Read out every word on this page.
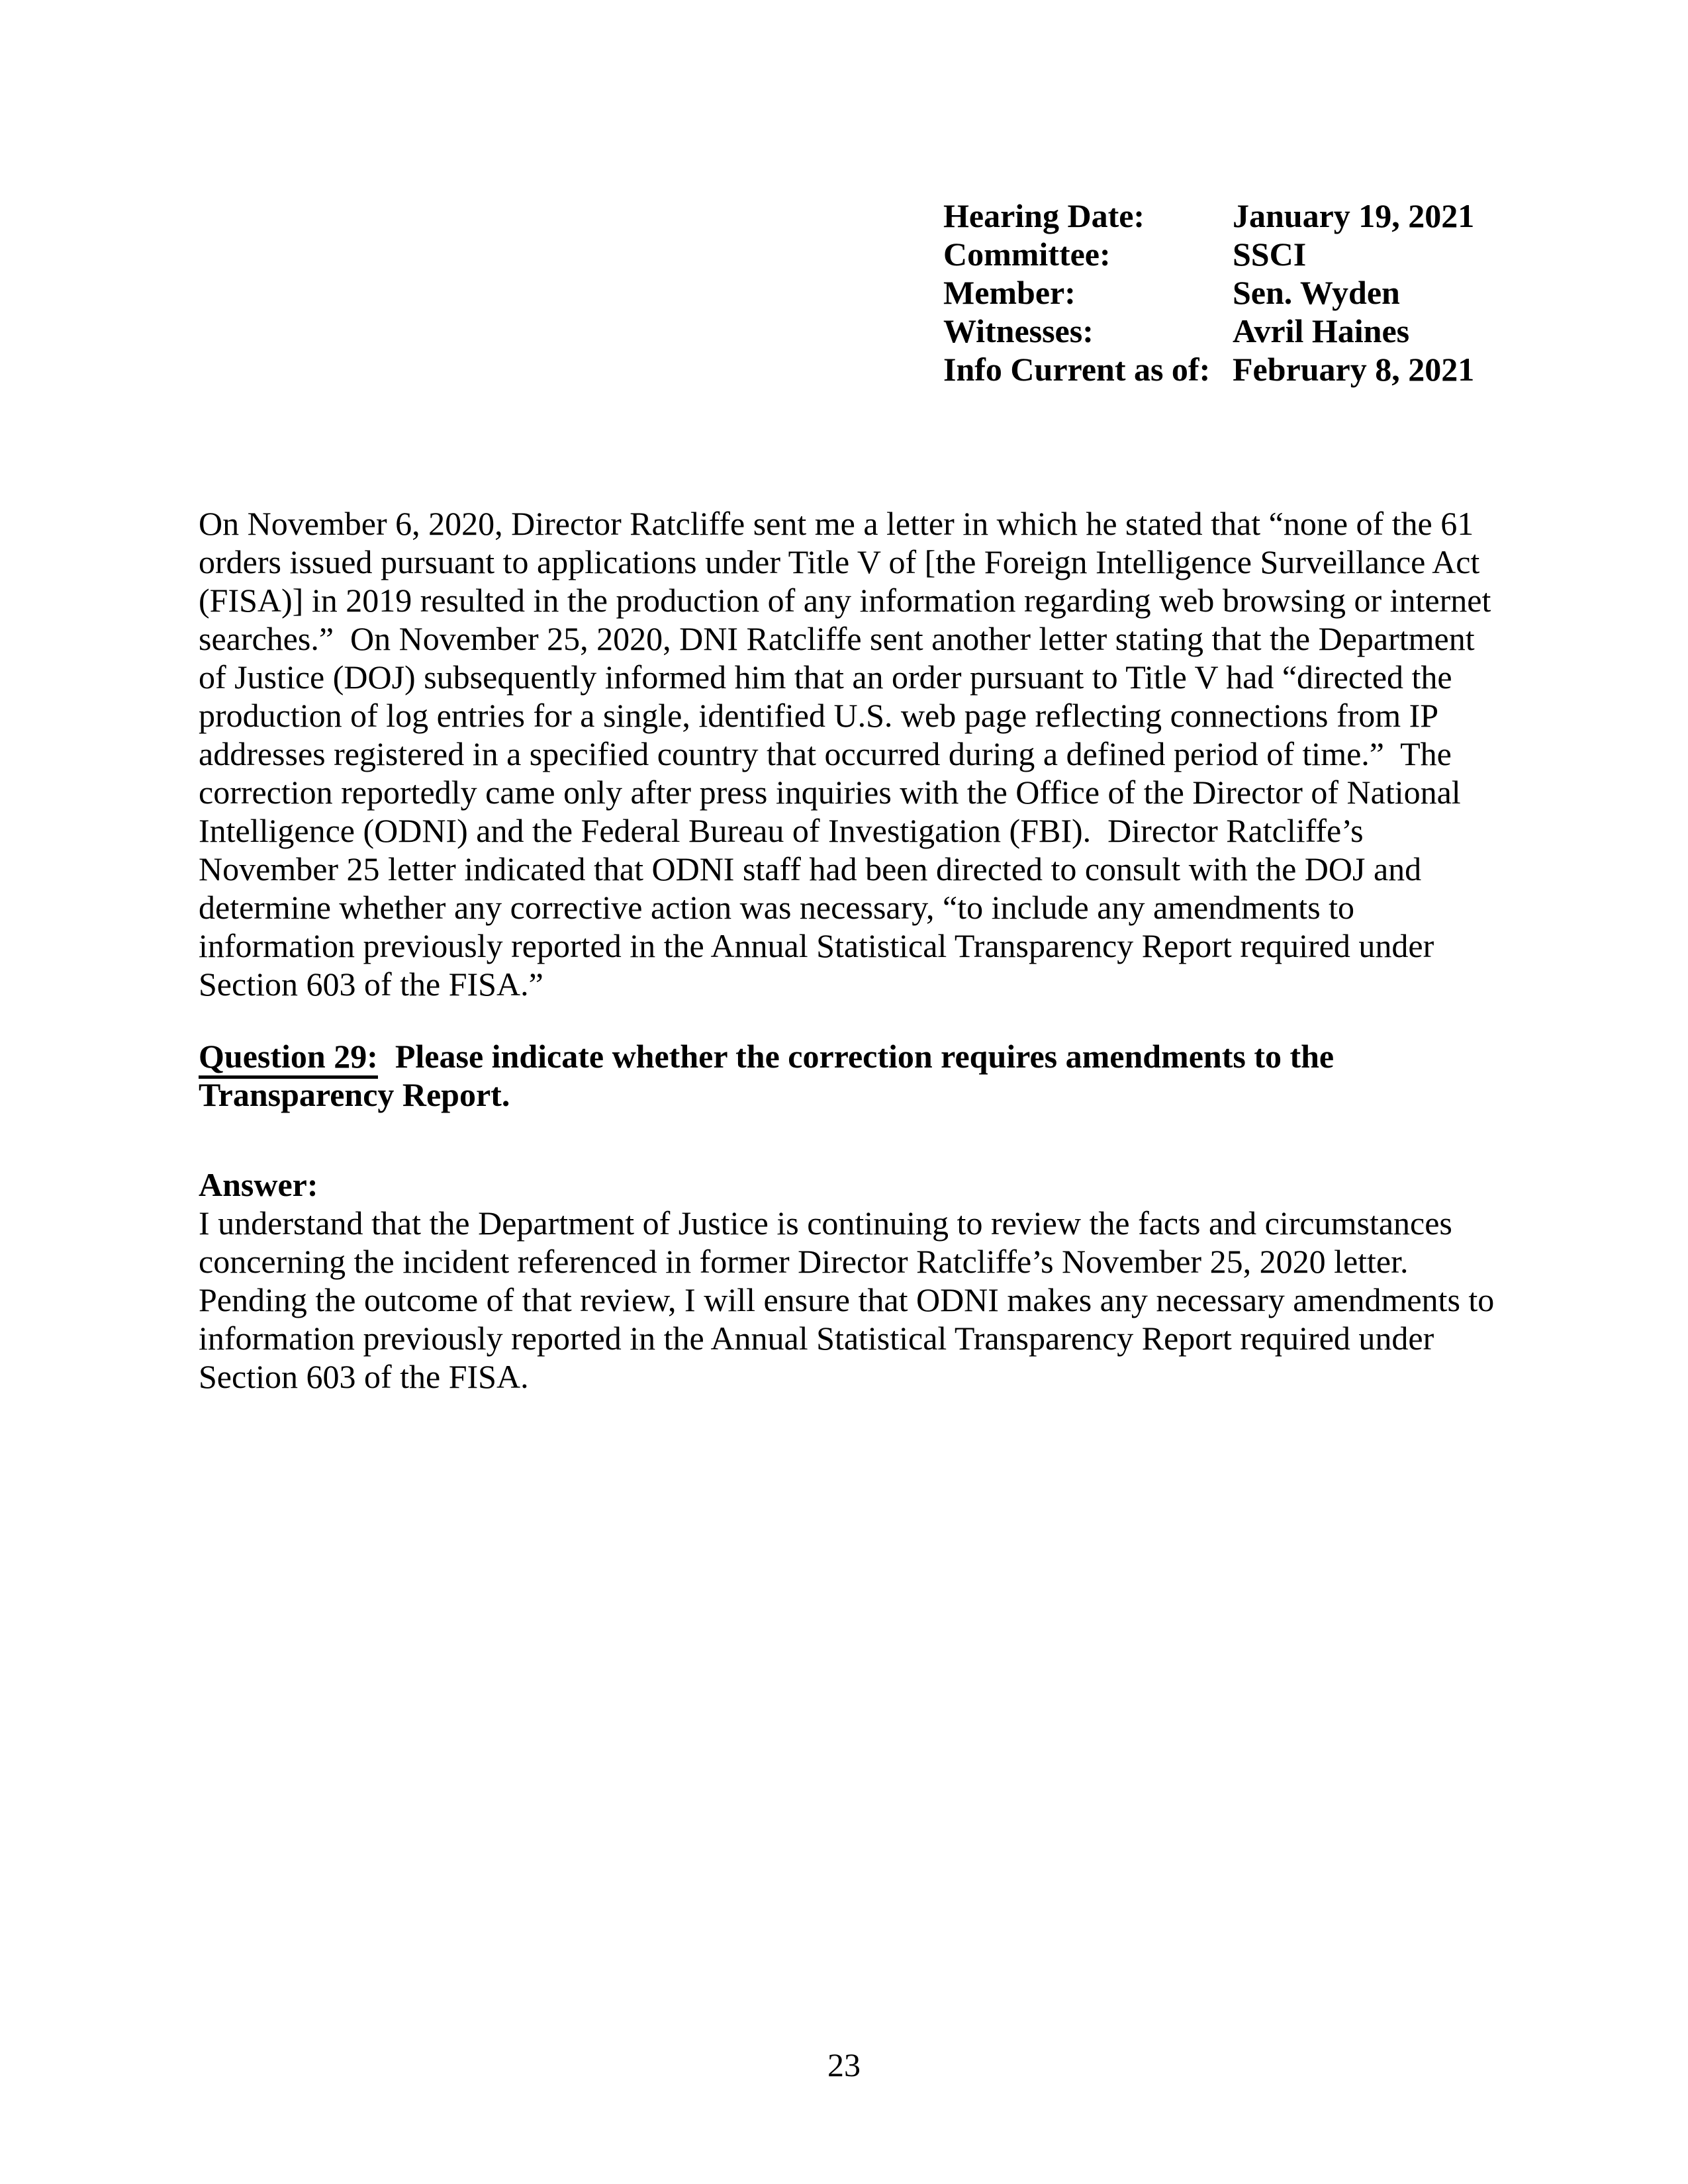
Hearing Date:	January 19, 2021
Committee:	SSCI
Member:	Sen. Wyden
Witnesses:	Avril Haines
Info Current as of: February 8, 2021

On November 6, 2020, Director Ratcliffe sent me a letter in which he stated that “none of the 61 orders issued pursuant to applications under Title V of [the Foreign Intelligence Surveillance Act (FISA)] in 2019 resulted in the production of any information regarding web browsing or internet searches.”  On November 25, 2020, DNI Ratcliffe sent another letter stating that the Department of Justice (DOJ) subsequently informed him that an order pursuant to Title V had “directed the production of log entries for a single, identified U.S. web page reflecting connections from IP addresses registered in a specified country that occurred during a defined period of time.”  The correction reportedly came only after press inquiries with the Office of the Director of National Intelligence (ODNI) and the Federal Bureau of Investigation (FBI).  Director Ratcliffe’s November 25 letter indicated that ODNI staff had been directed to consult with the DOJ and determine whether any corrective action was necessary, “to include any amendments to information previously reported in the Annual Statistical Transparency Report required under Section 603 of the FISA.”

Question 29: Please indicate whether the correction requires amendments to the Transparency Report.

Answer:

I understand that the Department of Justice is continuing to review the facts and circumstances concerning the incident referenced in former Director Ratcliffe’s November 25, 2020 letter.  Pending the outcome of that review, I will ensure that ODNI makes any necessary amendments to information previously reported in the Annual Statistical Transparency Report required under Section 603 of the FISA.

23
